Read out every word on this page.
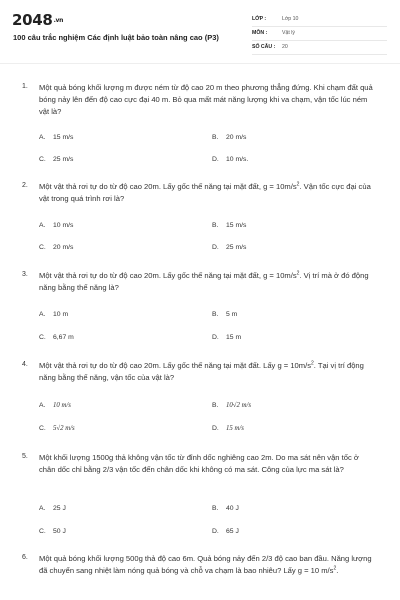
2048.vn
100 câu trắc nghiệm Các định luật bảo toàn nâng cao (P3)
LỚP :	Lớp 10
MÔN :	Vật lý
SỐ CÂU : 20
1. Một quả bóng khối lượng m được ném từ độ cao 20 m theo phương thẳng đứng. Khi chạm đất quả bóng nảy lên đến độ cao cực đại 40 m. Bỏ qua mất mát năng lượng khi va chạm, vận tốc lúc ném vật là?
A.	15 m/s	B.	20 m/s
C.	25 m/s	D.	10 m/s.
2. Một vật thả rơi tự do từ độ cao 20m. Lấy gốc thế năng tại mặt đất, $g = 10m/s^2$. Vận tốc cực đại của vật trong quá trình rơi là?
A.	10 m/s	B.	15 m/s
C.	20 m/s	D.	25 m/s
3. Một vật thả rơi tự do từ độ cao 20m. Lấy gốc thế năng tại mặt đất, $g = 10m/s^2$. Vị trí mà ở đó động năng bằng thế năng là?
A.	10 m	B.	5 m
C.	6,67 m	D.	15 m
4. Một vật thả rơi tự do từ độ cao 20m. Lấy gốc thế năng tại mặt đất. Lấy $g = 10m/s^2$. Tại vị trí động năng bằng thế năng, vận tốc của vật là?
A.	10 m/s	B.	10√2 m/s
C.	5√2 m/s	D.	15 m/s
5. Một khối lượng 1500g thả không vận tốc từ đỉnh dốc nghiêng cao 2m. Do ma sát nên vận tốc ở chân dốc chỉ bằng 2/3 vận tốc đến chân dốc khi không có ma sát. Công của lực ma sát là?
A.	25 J	B.	40 J
C.	50 J	D.	65 J
6. Một quả bóng khối lượng 500g thả độ cao 6m. Quả bóng nảy đến 2/3 độ cao ban đầu. Năng lượng đã chuyển sang nhiệt làm nóng quả bóng và chỗ va chạm là bao nhiêu? Lấy g = 10 $m/s^2$.
